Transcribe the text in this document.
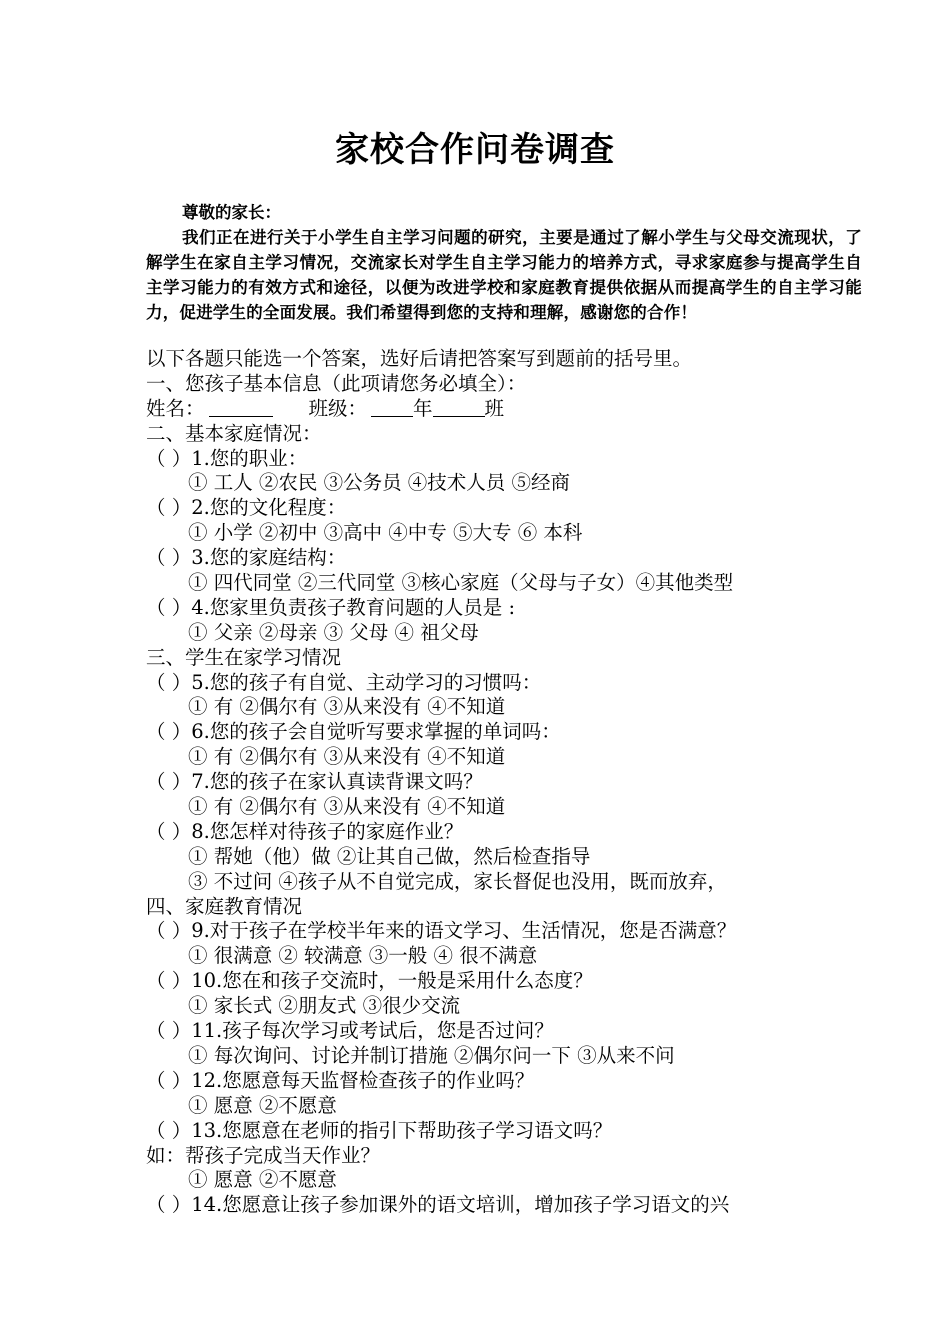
家校合作问卷调查
尊敬的家长：
我们正在进行关于小学生自主学习问题的研究，主要是通过了解小学生与父母交流现状，了解学生在家自主学习情况，交流家长对学生自主学习能力的培养方式，寻求家庭参与提高学生自主学习能力的有效方式和途径，以便为改进学校和家庭教育提供依据从而提高学生的自主学习能力，促进学生的全面发展。我们希望得到您的支持和理解，感谢您的合作！
以下各题只能选一个答案，选好后请把答案写到题前的括号里。
一、您孩子基本信息（此项请您务必填全）：
姓名：	班级： 年	班
二、基本家庭情况：
（ ）1.您的职业：
① 工人 ②农民 ③公务员 ④技术人员 ⑤经商
（ ）2.您的文化程度：
① 小学 ②初中 ③高中 ④中专 ⑤大专 ⑥ 本科
（ ）3.您的家庭结构：
① 四代同堂 ②三代同堂 ③核心家庭（父母与子女）④其他类型
（ ）4.您家里负责孩子教育问题的人员是 :
① 父亲 ②母亲 ③ 父母 ④ 祖父母
三、学生在家学习情况
（ ）5.您的孩子有自觉、主动学习的习惯吗：
① 有 ②偶尔有 ③从来没有 ④不知道
（ ）6.您的孩子会自觉听写要求掌握的单词吗：
① 有 ②偶尔有 ③从来没有 ④不知道
（ ）7.您的孩子在家认真读背课文吗？
① 有 ②偶尔有 ③从来没有 ④不知道
（ ）8.您怎样对待孩子的家庭作业？
① 帮她（他）做 ②让其自己做，然后检查指导
③ 不过问 ④孩子从不自觉完成，家长督促也没用，既而放弃，
四、家庭教育情况
（ ）9.对于孩子在学校半年来的语文学习、生活情况，您是否满意？
① 很满意 ② 较满意 ③一般 ④ 很不满意
（ ）10.您在和孩子交流时，一般是采用什么态度？
① 家长式 ②朋友式 ③很少交流
（ ）11.孩子每次学习或考试后，您是否过问？
① 每次询问、讨论并制订措施 ②偶尔问一下 ③从来不问
（ ）12.您愿意每天监督检查孩子的作业吗？
① 愿意 ②不愿意
（ ）13.您愿意在老师的指引下帮助孩子学习语文吗？
如：帮孩子完成当天作业？
① 愿意 ②不愿意
（ ）14.您愿意让孩子参加课外的语文培训，增加孩子学习语文的兴
